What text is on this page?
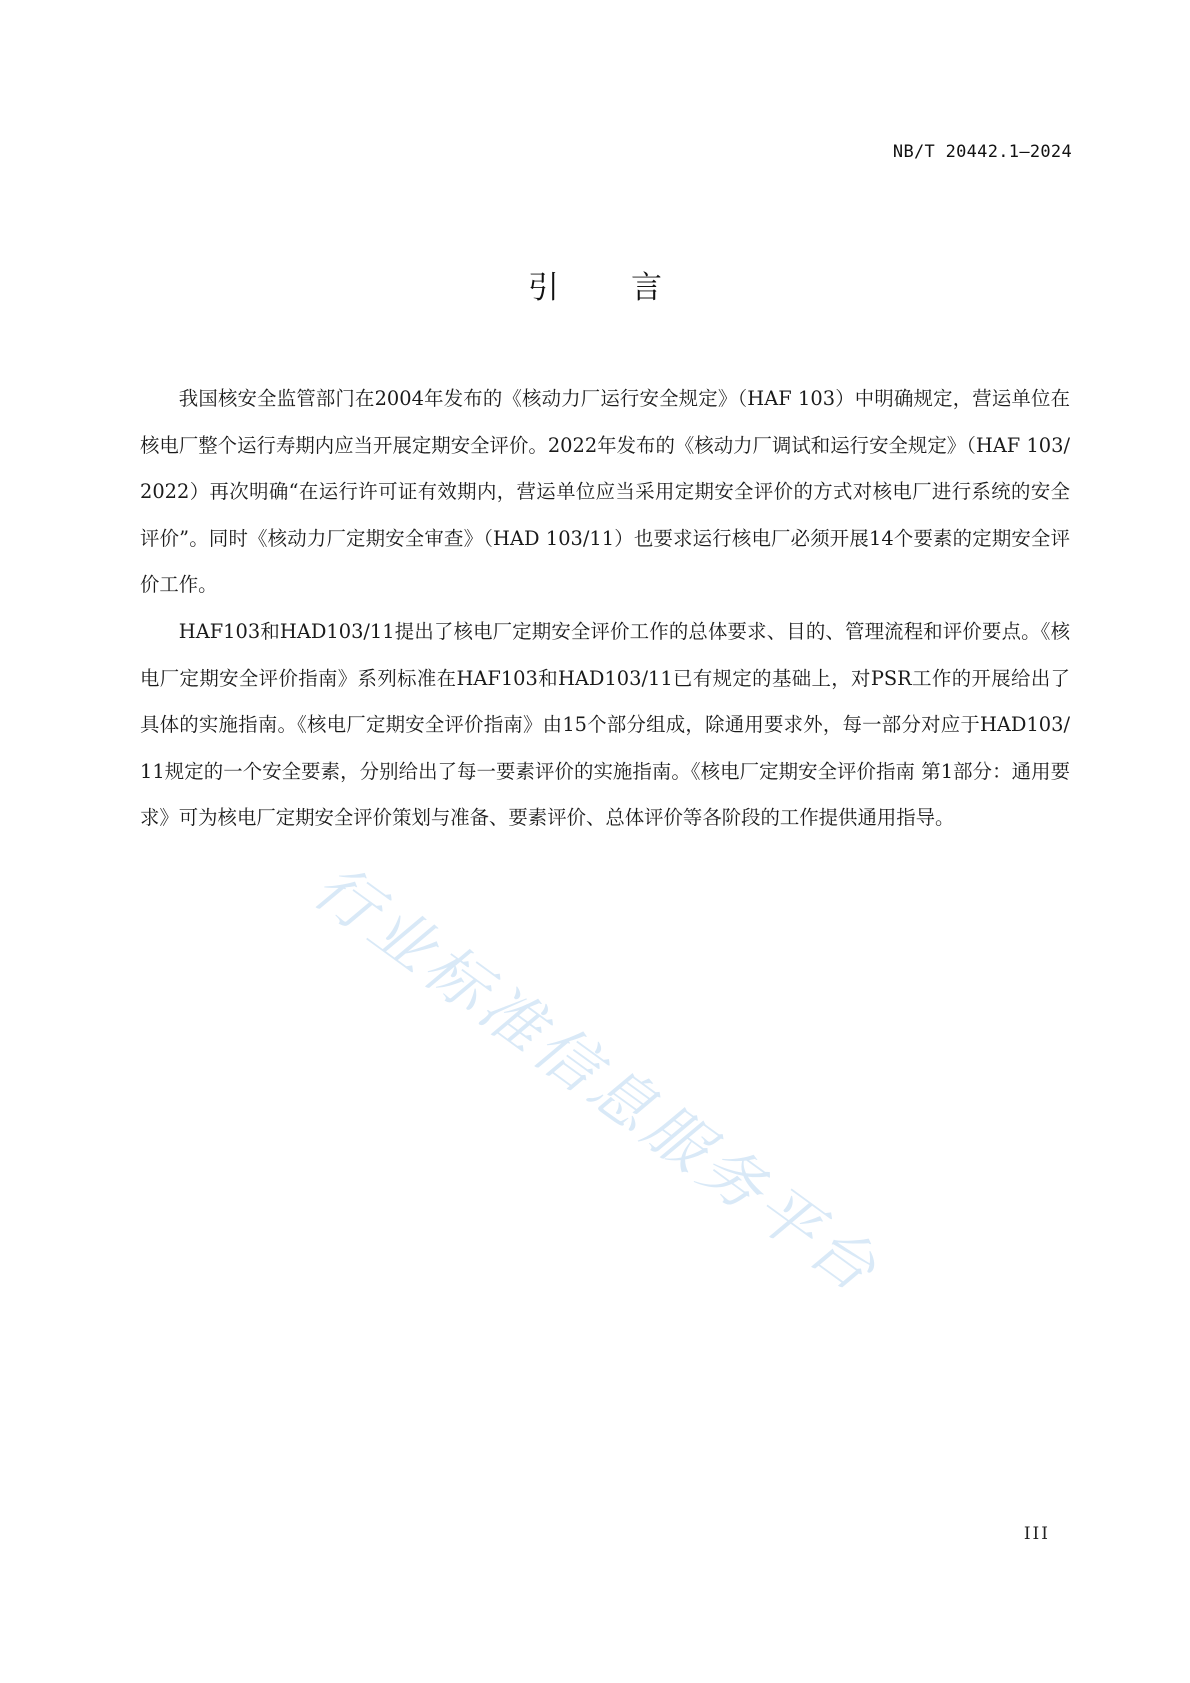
NB/T 20442.1—2024
引言

我国核安全监管部门在2004年发布的《核动力厂运行安全规定》（HAF 103）中明确规定，营运单位在核电厂整个运行寿期内应当开展定期安全评价。2022年发布的《核动力厂调试和运行安全规定》（HAF 103/2022）再次明确“在运行许可证有效期内，营运单位应当采用定期安全评价的方式对核电厂进行系统的安全评价”。同时《核动力厂定期安全审查》（HAD 103/11）也要求运行核电厂必须开展14个要素的定期安全评价工作。

HAF103和HAD103/11提出了核电厂定期安全评价工作的总体要求、目的、管理流程和评价要点。《核电厂定期安全评价指南》系列标准在HAF103和HAD103/11已有规定的基础上，对PSR工作的开展给出了具体的实施指南。《核电厂定期安全评价指南》由15个部分组成，除通用要求外，每一部分对应于HAD103/11规定的一个安全要素，分别给出了每一要素评价的实施指南。《核电厂定期安全评价指南 第1部分：通用要求》可为核电厂定期安全评价策划与准备、要素评价、总体评价等各阶段的工作提供通用指导。

行业标准信息服务平台
III
